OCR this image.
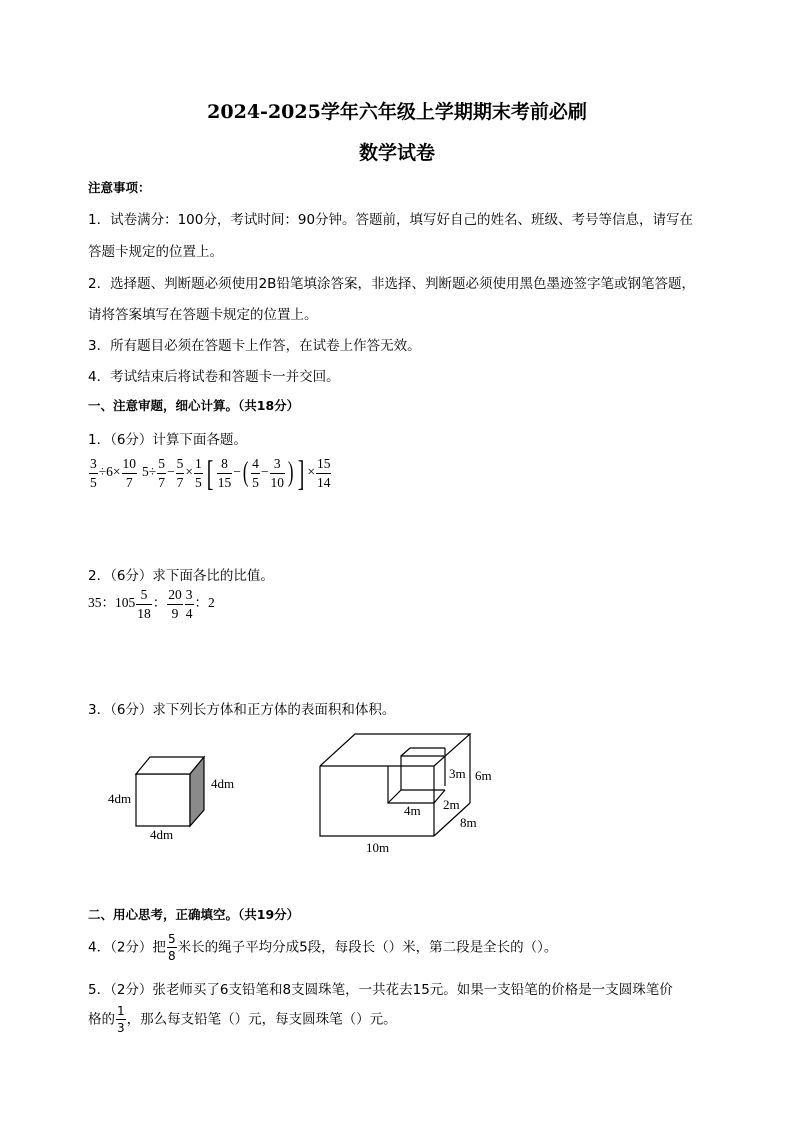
2024-2025学年六年级上学期期末考前必刷
数学试卷
注意事项：
1．试卷满分：100分，考试时间：90分钟。答题前，填写好自己的姓名、班级、考号等信息，请写在
答题卡规定的位置上。
2．选择题、判断题必须使用2B铅笔填涂答案，非选择、判断题必须使用黑色墨迹签字笔或钢笔答题，
请将答案填写在答题卡规定的位置上。
3．所有题目必须在答题卡上作答，在试卷上作答无效。
4．考试结束后将试卷和答题卡一并交回。
一、注意审题，细心计算。（共18分）
1．（6分）计算下面各题。
$\frac{3}{5} \div 6\times \frac{10}{7} 5\div \frac{5}{7} - \frac{5}{7} \times \frac{1}{5}$ [ $\frac{8}{15}$ −( $\frac{4}{5} - \frac{3}{10}$ ) ] × $\frac{15}{14}$
2．（6分）求下面各比的比值。
35：$105 \frac{5}{18}$ ： $\frac{20}{9} \frac{3}{4}$ ：2
3．（6分）求下列长方体和正方体的表面积和体积。
4dm
4dm
4dm
3m 6m
2m
4m
8m
10m
二、用心思考，正确填空。（共19分）
4．（2分）把 $\frac{5}{8}$ 米长的绳子平均分成5段，每段长（）米，第二段是全长的（）。
5．（2分）张老师买了6支铅笔和8支圆珠笔，一共花去15元。如果一支铅笔的价格是一支圆珠笔价
格的 $\frac{1}{3}$ ，那么每支铅笔（）元，每支圆珠笔（）元。
